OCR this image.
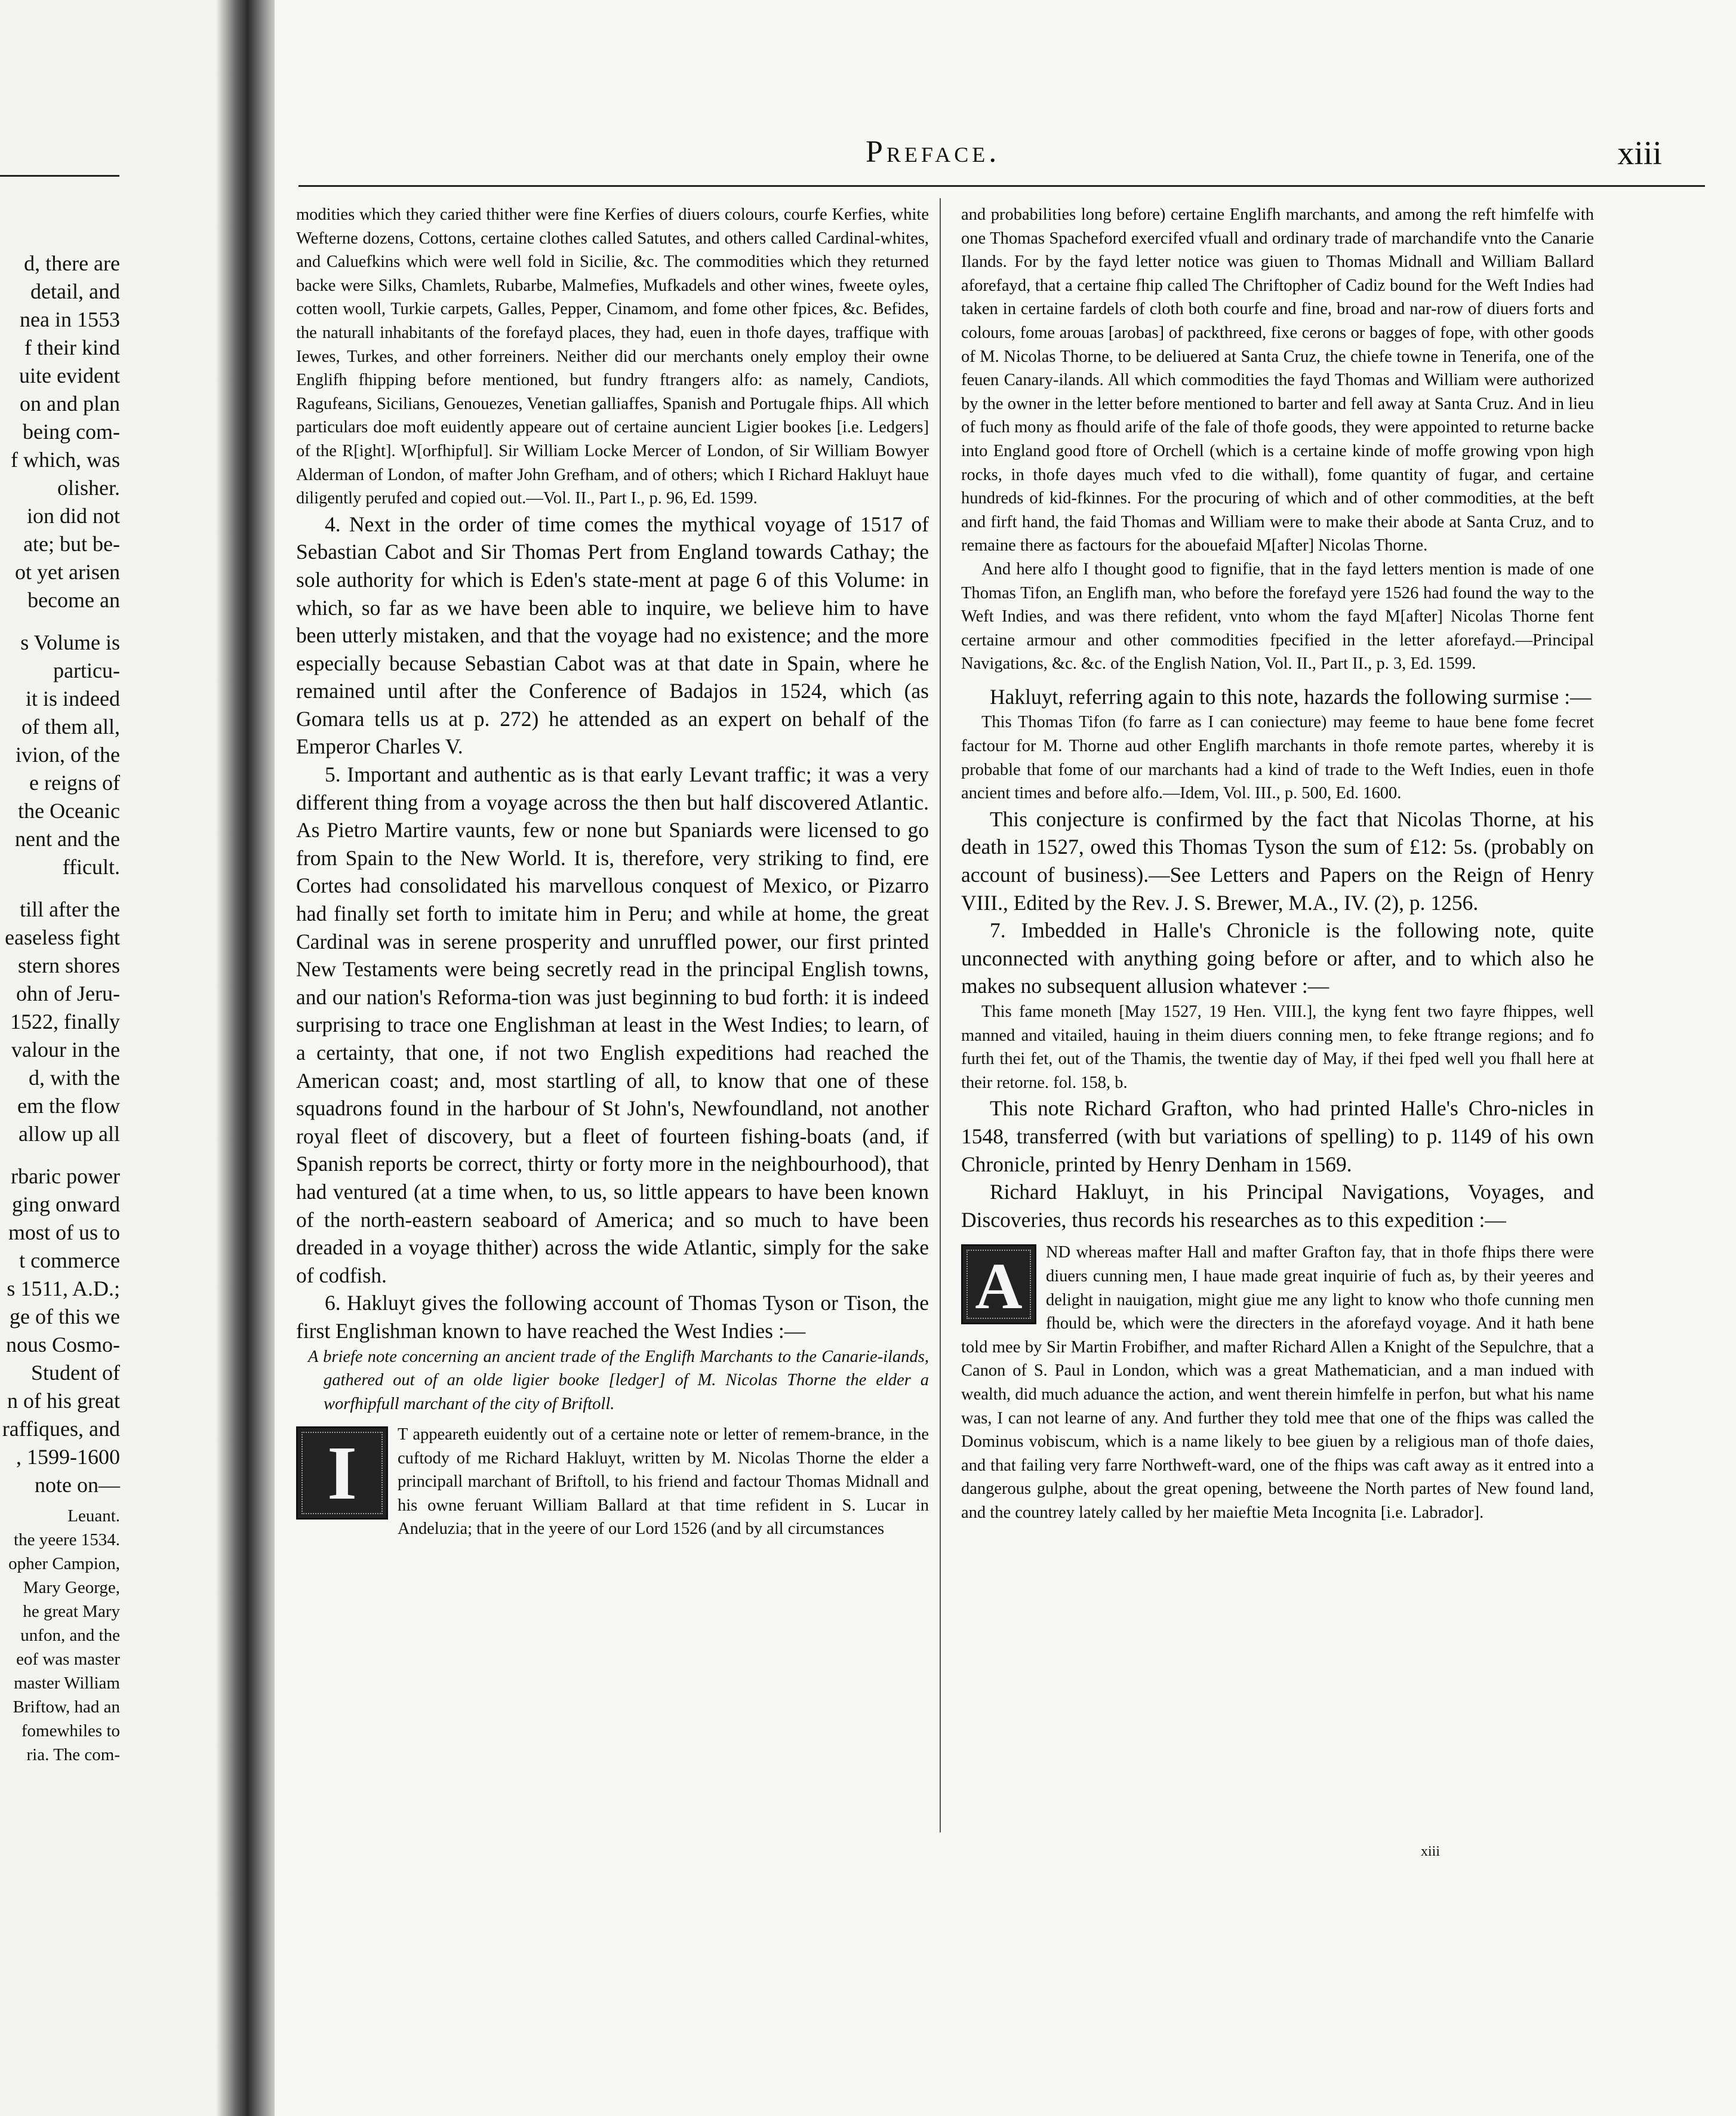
d, there are
detail, and
nea in 1553
f their kind
uite evident
on and plan
being com-
f which, was
olisher.
ion did not
ate; but be-
ot yet arisen
become an
s Volume is
particu-
it is indeed
of them all,
ivion, of the
e reigns of
the Oceanic
nent and the
fficult.
till after the
easeless fight
stern shores
ohn of Jeru-
1522, finally
valour in the
d, with the
em the flow
allow up all
rbaric power
ging onward
most of us to
t commerce
s 1511, A.D.;
ge of this we
nous Cosmo-
Student of
n of his great
raffiques, and
, 1599-1600
note on—
Leuant.
the yeere 1534.
opher Campion,
Mary George,
he great Mary
unfon, and the
eof was master
master William
Briftow, had an
fomewhiles to
ria. The com-
Preface.	xiii

modities which they caried thither were fine Kerfies of diuers colours, courfe Kerfies, white Wefterne dozens, Cottons, certaine clothes called Satutes, and others called Cardinal-whites, and Caluefkins which were well fold in Sicilie, &c. The commodities which they returned backe were Silks, Chamlets, Rubarbe, Malmefies, Mufkadels and other wines, fweete oyles, cotten wooll, Turkie carpets, Galles, Pepper, Cinamom, and fome other fpices, &c. Befides, the naturall inhabitants of the forefayd places, they had, euen in thofe dayes, traffique with Iewes, Turkes, and other forreiners. Neither did our merchants onely employ their owne Englifh fhipping before mentioned, but fundry ftrangers alfo: as namely, Candiots, Ragufeans, Sicilians, Genouezes, Venetian galliaffes, Spanish and Portugale fhips. All which particulars doe moft euidently appeare out of certaine auncient Ligier bookes [i.e. Ledgers] of the R[ight]. W[orfhipful]. Sir William Locke Mercer of London, of Sir William Bowyer Alderman of London, of mafter John Grefham, and of others; which I Richard Hakluyt haue diligently perufed and copied out.—Vol. II., Part I., p. 96, Ed. 1599.

4. Next in the order of time comes the mythical voyage of 1517 of Sebastian Cabot and Sir Thomas Pert from England towards Cathay; the sole authority for which is Eden's state-ment at page 6 of this Volume: in which, so far as we have been able to inquire, we believe him to have been utterly mistaken, and that the voyage had no existence; and the more especially because Sebastian Cabot was at that date in Spain, where he remained until after the Conference of Badajos in 1524, which (as Gomara tells us at p. 272) he attended as an expert on behalf of the Emperor Charles V.

5. Important and authentic as is that early Levant traffic; it was a very different thing from a voyage across the then but half discovered Atlantic. As Pietro Martire vaunts, few or none but Spaniards were licensed to go from Spain to the New World. It is, therefore, very striking to find, ere Cortes had consolidated his marvellous conquest of Mexico, or Pizarro had finally set forth to imitate him in Peru; and while at home, the great Cardinal was in serene prosperity and unruffled power, our first printed New Testaments were being secretly read in the principal English towns, and our nation's Reforma-tion was just beginning to bud forth: it is indeed surprising to trace one Englishman at least in the West Indies; to learn, of a certainty, that one, if not two English expeditions had reached the American coast; and, most startling of all, to know that one of these squadrons found in the harbour of St John's, Newfoundland, not another royal fleet of discovery, but a fleet of fourteen fishing-boats (and, if Spanish reports be correct, thirty or forty more in the neighbourhood), that had ventured (at a time when, to us, so little appears to have been known of the north-eastern seaboard of America; and so much to have been dreaded in a voyage thither) across the wide Atlantic, simply for the sake of codfish.

6. Hakluyt gives the following account of Thomas Tyson or Tison, the first Englishman known to have reached the West Indies :—

A briefe note concerning an ancient trade of the Englifh Marchants to the Canarie-ilands, gathered out of an olde ligier booke [ledger] of M. Nicolas Thorne the elder a worfhipfull marchant of the city of Briftoll.

I	T appeareth euidently out of a certaine note or letter of remem-brance, in the cuftody of me Richard Hakluyt, written by M. Nicolas Thorne the elder a principall marchant of Briftoll, to his friend and factour Thomas Midnall and his owne feruant William Ballard at that time refident in S. Lucar in Andeluzia; that in the yeere of our Lord 1526 (and by all circumstances

and probabilities long before) certaine Englifh marchants, and among the reft himfelfe with one Thomas Spacheford exercifed vfuall and ordinary trade of marchandife vnto the Canarie Ilands. For by the fayd letter notice was giuen to Thomas Midnall and William Ballard aforefayd, that a certaine fhip called The Chriftopher of Cadiz bound for the Weft Indies had taken in certaine fardels of cloth both courfe and fine, broad and nar-row of diuers forts and colours, fome arouas [arobas] of packthreed, fixe cerons or bagges of fope, with other goods of M. Nicolas Thorne, to be deliuered at Santa Cruz, the chiefe towne in Tenerifa, one of the feuen Canary-ilands. All which commodities the fayd Thomas and William were authorized by the owner in the letter before mentioned to barter and fell away at Santa Cruz. And in lieu of fuch mony as fhould arife of the fale of thofe goods, they were appointed to returne backe into England good ftore of Orchell (which is a certaine kinde of moffe growing vpon high rocks, in thofe dayes much vfed to die withall), fome quantity of fugar, and certaine hundreds of kid-fkinnes. For the procuring of which and of other commodities, at the beft and firft hand, the faid Thomas and William were to make their abode at Santa Cruz, and to remaine there as factours for the abouefaid M[after] Nicolas Thorne.

And here alfo I thought good to fignifie, that in the fayd letters mention is made of one Thomas Tifon, an Englifh man, who before the forefayd yere 1526 had found the way to the Weft Indies, and was there refident, vnto whom the fayd M[after] Nicolas Thorne fent certaine armour and other commodities fpecified in the letter aforefayd.—Principal Navigations, &c. &c. of the English Nation, Vol. II., Part II., p. 3, Ed. 1599.

Hakluyt, referring again to this note, hazards the following surmise :—

This Thomas Tifon (fo farre as I can coniecture) may feeme to haue bene fome fecret factour for M. Thorne aud other Englifh marchants in thofe remote partes, whereby it is probable that fome of our marchants had a kind of trade to the Weft Indies, euen in thofe ancient times and before alfo.—Idem, Vol. III., p. 500, Ed. 1600.

This conjecture is confirmed by the fact that Nicolas Thorne, at his death in 1527, owed this Thomas Tyson the sum of £12: 5s. (probably on account of business).—See Letters and Papers on the Reign of Henry VIII., Edited by the Rev. J. S. Brewer, M.A., IV. (2), p. 1256.

7. Imbedded in Halle's Chronicle is the following note, quite unconnected with anything going before or after, and to which also he makes no subsequent allusion whatever :—

This fame moneth [May 1527, 19 Hen. VIII.], the kyng fent two fayre fhippes, well manned and vitailed, hauing in theim diuers conning men, to feke ftrange regions; and fo furth thei fet, out of the Thamis, the twentie day of May, if thei fped well you fhall here at their retorne. fol. 158, b.

This note Richard Grafton, who had printed Halle's Chro-nicles in 1548, transferred (with but variations of spelling) to p. 1149 of his own Chronicle, printed by Henry Denham in 1569.

Richard Hakluyt, in his Principal Navigations, Voyages, and Discoveries, thus records his researches as to this expedition :—

A	ND whereas mafter Hall and mafter Grafton fay, that in thofe fhips there were diuers cunning men, I haue made great inquirie of fuch as, by their yeeres and delight in nauigation, might giue me any light to know who thofe cunning men fhould be, which were the directers in the aforefayd voyage. And it hath bene told mee by Sir Martin Frobifher, and mafter Richard Allen a Knight of the Sepulchre, that a Canon of S. Paul in London, which was a great Mathematician, and a man indued with wealth, did much aduance the action, and went therein himfelfe in perfon, but what his name was, I can not learne of any. And further they told mee that one of the fhips was called the Dominus vobiscum, which is a name likely to bee giuen by a religious man of thofe daies, and that failing very farre Northweft-ward, one of the fhips was caft away as it entred into a dangerous gulphe, about the great opening, betweene the North partes of New found land, and the countrey lately called by her maieftie Meta Incognita [i.e. Labrador].
xiii
